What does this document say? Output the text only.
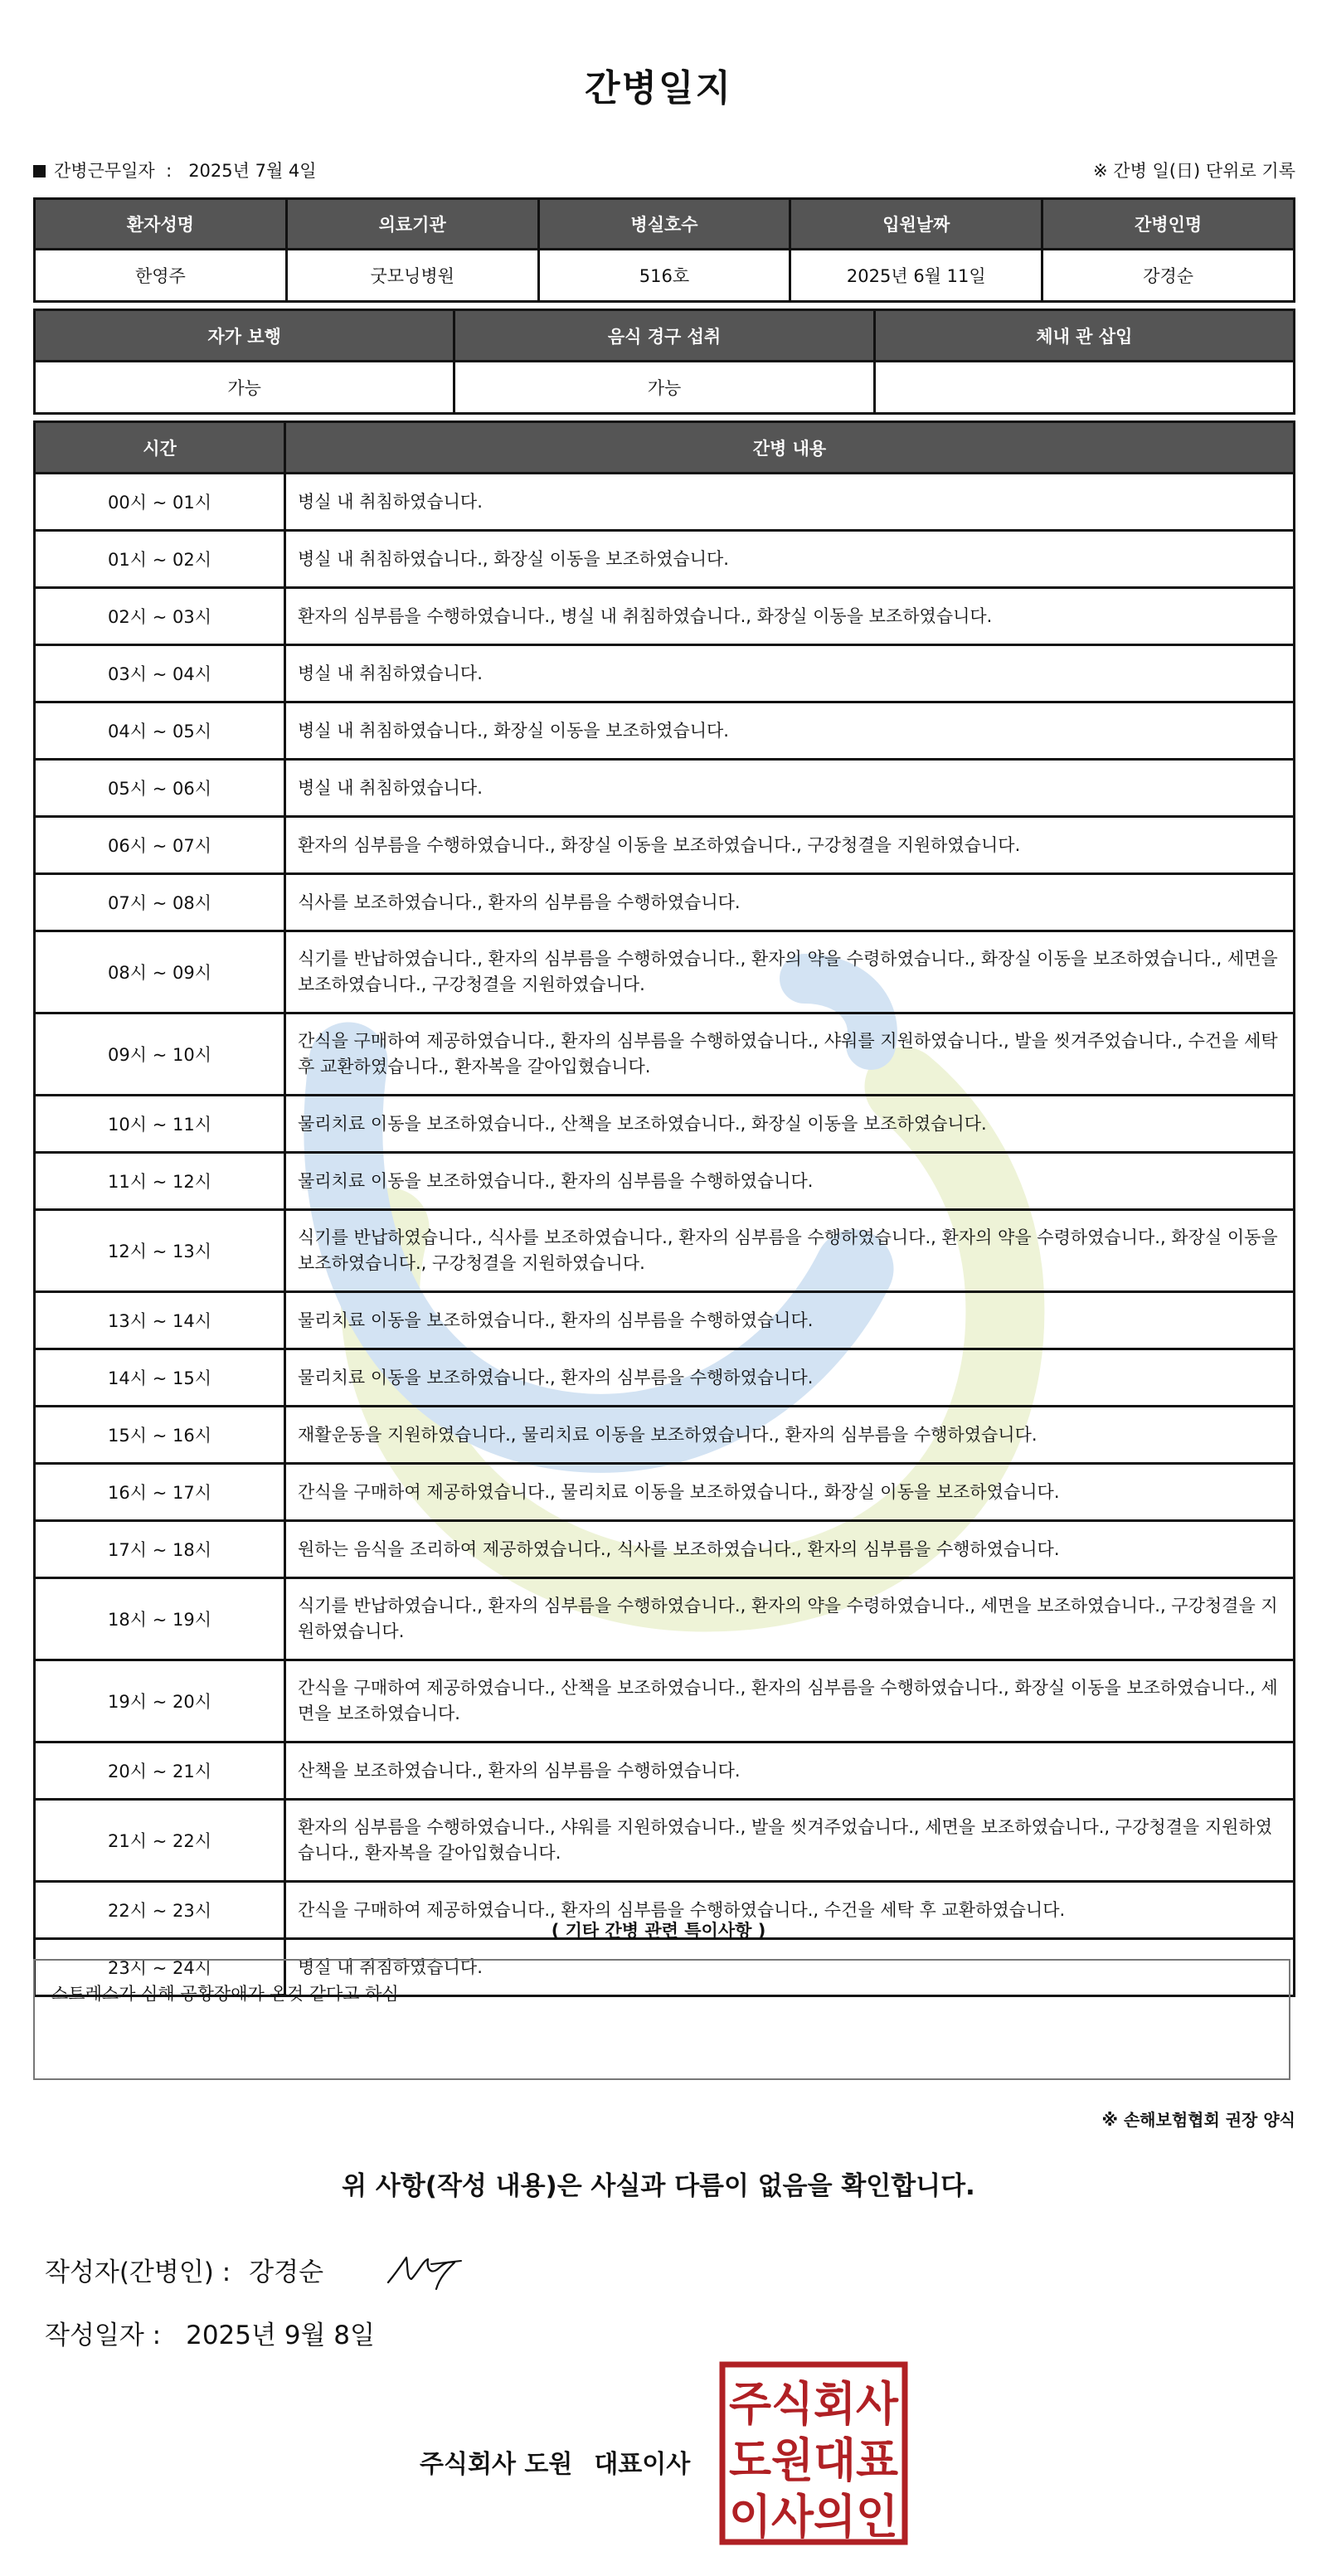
간병일지
간병근무일자 : 2025년 7월 4일	※ 간병 일(日) 단위로 기록
환자성명	의료기관	병실호수	입원날짜	간병인명
한영주	굿모닝병원	516호	2025년 6월 11일	강경순
자가 보행	음식 경구 섭취	체내 관 삽입
가능	가능	
시간	간병 내용
00시 ~ 01시	병실 내 취침하였습니다.
01시 ~ 02시	병실 내 취침하였습니다., 화장실 이동을 보조하였습니다.
02시 ~ 03시	환자의 심부름을 수행하였습니다., 병실 내 취침하였습니다., 화장실 이동을 보조하였습니다.
03시 ~ 04시	병실 내 취침하였습니다.
04시 ~ 05시	병실 내 취침하였습니다., 화장실 이동을 보조하였습니다.
05시 ~ 06시	병실 내 취침하였습니다.
06시 ~ 07시	환자의 심부름을 수행하였습니다., 화장실 이동을 보조하였습니다., 구강청결을 지원하였습니다.
07시 ~ 08시	식사를 보조하였습니다., 환자의 심부름을 수행하였습니다.
08시 ~ 09시	식기를 반납하였습니다., 환자의 심부름을 수행하였습니다., 환자의 약을 수령하였습니다., 화장실 이동을 보조하였습니다., 세면을 보조하였습니다., 구강청결을 지원하였습니다.
09시 ~ 10시	간식을 구매하여 제공하였습니다., 환자의 심부름을 수행하였습니다., 샤워를 지원하였습니다., 발을 씻겨주었습니다., 수건을 세탁 후 교환하였습니다., 환자복을 갈아입혔습니다.
10시 ~ 11시	물리치료 이동을 보조하였습니다., 산책을 보조하였습니다., 화장실 이동을 보조하였습니다.
11시 ~ 12시	물리치료 이동을 보조하였습니다., 환자의 심부름을 수행하였습니다.
12시 ~ 13시	식기를 반납하였습니다., 식사를 보조하였습니다., 환자의 심부름을 수행하였습니다., 환자의 약을 수령하였습니다., 화장실 이동을 보조하였습니다., 구강청결을 지원하였습니다.
13시 ~ 14시	물리치료 이동을 보조하였습니다., 환자의 심부름을 수행하였습니다.
14시 ~ 15시	물리치료 이동을 보조하였습니다., 환자의 심부름을 수행하였습니다.
15시 ~ 16시	재활운동을 지원하였습니다., 물리치료 이동을 보조하였습니다., 환자의 심부름을 수행하였습니다.
16시 ~ 17시	간식을 구매하여 제공하였습니다., 물리치료 이동을 보조하였습니다., 화장실 이동을 보조하였습니다.
17시 ~ 18시	원하는 음식을 조리하여 제공하였습니다., 식사를 보조하였습니다., 환자의 심부름을 수행하였습니다.
18시 ~ 19시	식기를 반납하였습니다., 환자의 심부름을 수행하였습니다., 환자의 약을 수령하였습니다., 세면을 보조하였습니다., 구강청결을 지원하였습니다.
19시 ~ 20시	간식을 구매하여 제공하였습니다., 산책을 보조하였습니다., 환자의 심부름을 수행하였습니다., 화장실 이동을 보조하였습니다., 세면을 보조하였습니다.
20시 ~ 21시	산책을 보조하였습니다., 환자의 심부름을 수행하였습니다.
21시 ~ 22시	환자의 심부름을 수행하였습니다., 샤워를 지원하였습니다., 발을 씻겨주었습니다., 세면을 보조하였습니다., 구강청결을 지원하였습니다., 환자복을 갈아입혔습니다.
22시 ~ 23시	간식을 구매하여 제공하였습니다., 환자의 심부름을 수행하였습니다., 수건을 세탁 후 교환하였습니다.
23시 ~ 24시	병실 내 취침하였습니다.
( 기타 간병 관련 특이사항 )
스트레스가 심해 공황장애가 온것 같다고 하심
※ 손해보험협회 권장 양식
위 사항(작성 내용)은 사실과 다름이 없음을 확인합니다.
작성자(간병인) : 강경순
작성일자 : 2025년 9월 8일
주식회사 도원 대표이사
주식회사
도원대표
이사의인
